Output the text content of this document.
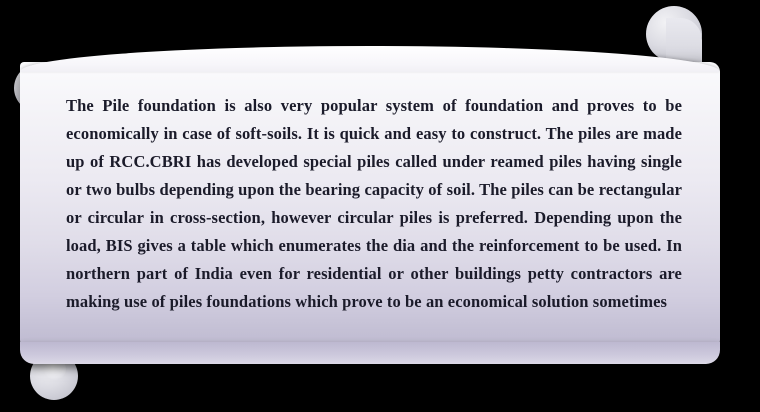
The Pile foundation is also very popular system of foundation and proves to be economically in case of soft-soils. It is quick and easy to construct. The piles are made up of RCC.CBRI has developed special piles called under reamed piles having single or two bulbs depending upon the bearing capacity of soil. The piles can be rectangular or circular in cross-section, however circular piles is preferred. Depending upon the load, BIS gives a table which enumerates the dia and the reinforcement to be used. In northern part of India even for residential or other buildings petty contractors are making use of piles foundations which prove to be an economical solution sometimes
